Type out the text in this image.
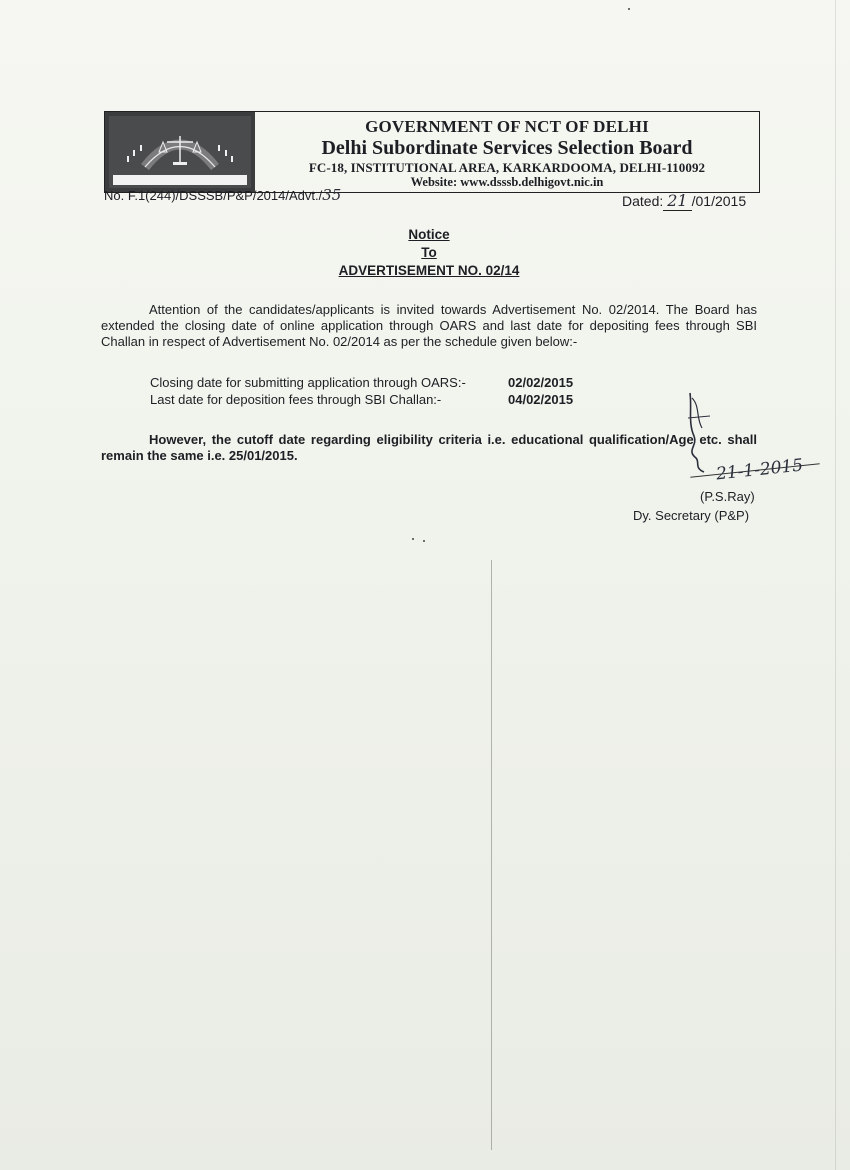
GOVERNMENT OF NCT OF DELHI
Delhi Subordinate Services Selection Board
FC-18, INSTITUTIONAL AREA, KARKARDOOMA, DELHI-110092
Website: www.dsssb.delhigovt.nic.in
No. F.1(244)/DSSSB/P&P/2014/Advt./35	Dated: 21 /01/2015
Notice
To
ADVERTISEMENT NO. 02/14
Attention of the candidates/applicants is invited towards Advertisement No. 02/2014. The Board has extended the closing date of online application through OARS and last date for depositing fees through SBI Challan in respect of Advertisement No. 02/2014 as per the schedule given below:-
Closing date for submitting application through OARS:-	02/02/2015
Last date for deposition fees through SBI Challan:-	04/02/2015
However, the cutoff date regarding eligibility criteria i.e. educational qualification/Age etc. shall remain the same i.e. 25/01/2015.	21-1-2015
(P.S.Ray)
Dy. Secretary (P&P)
